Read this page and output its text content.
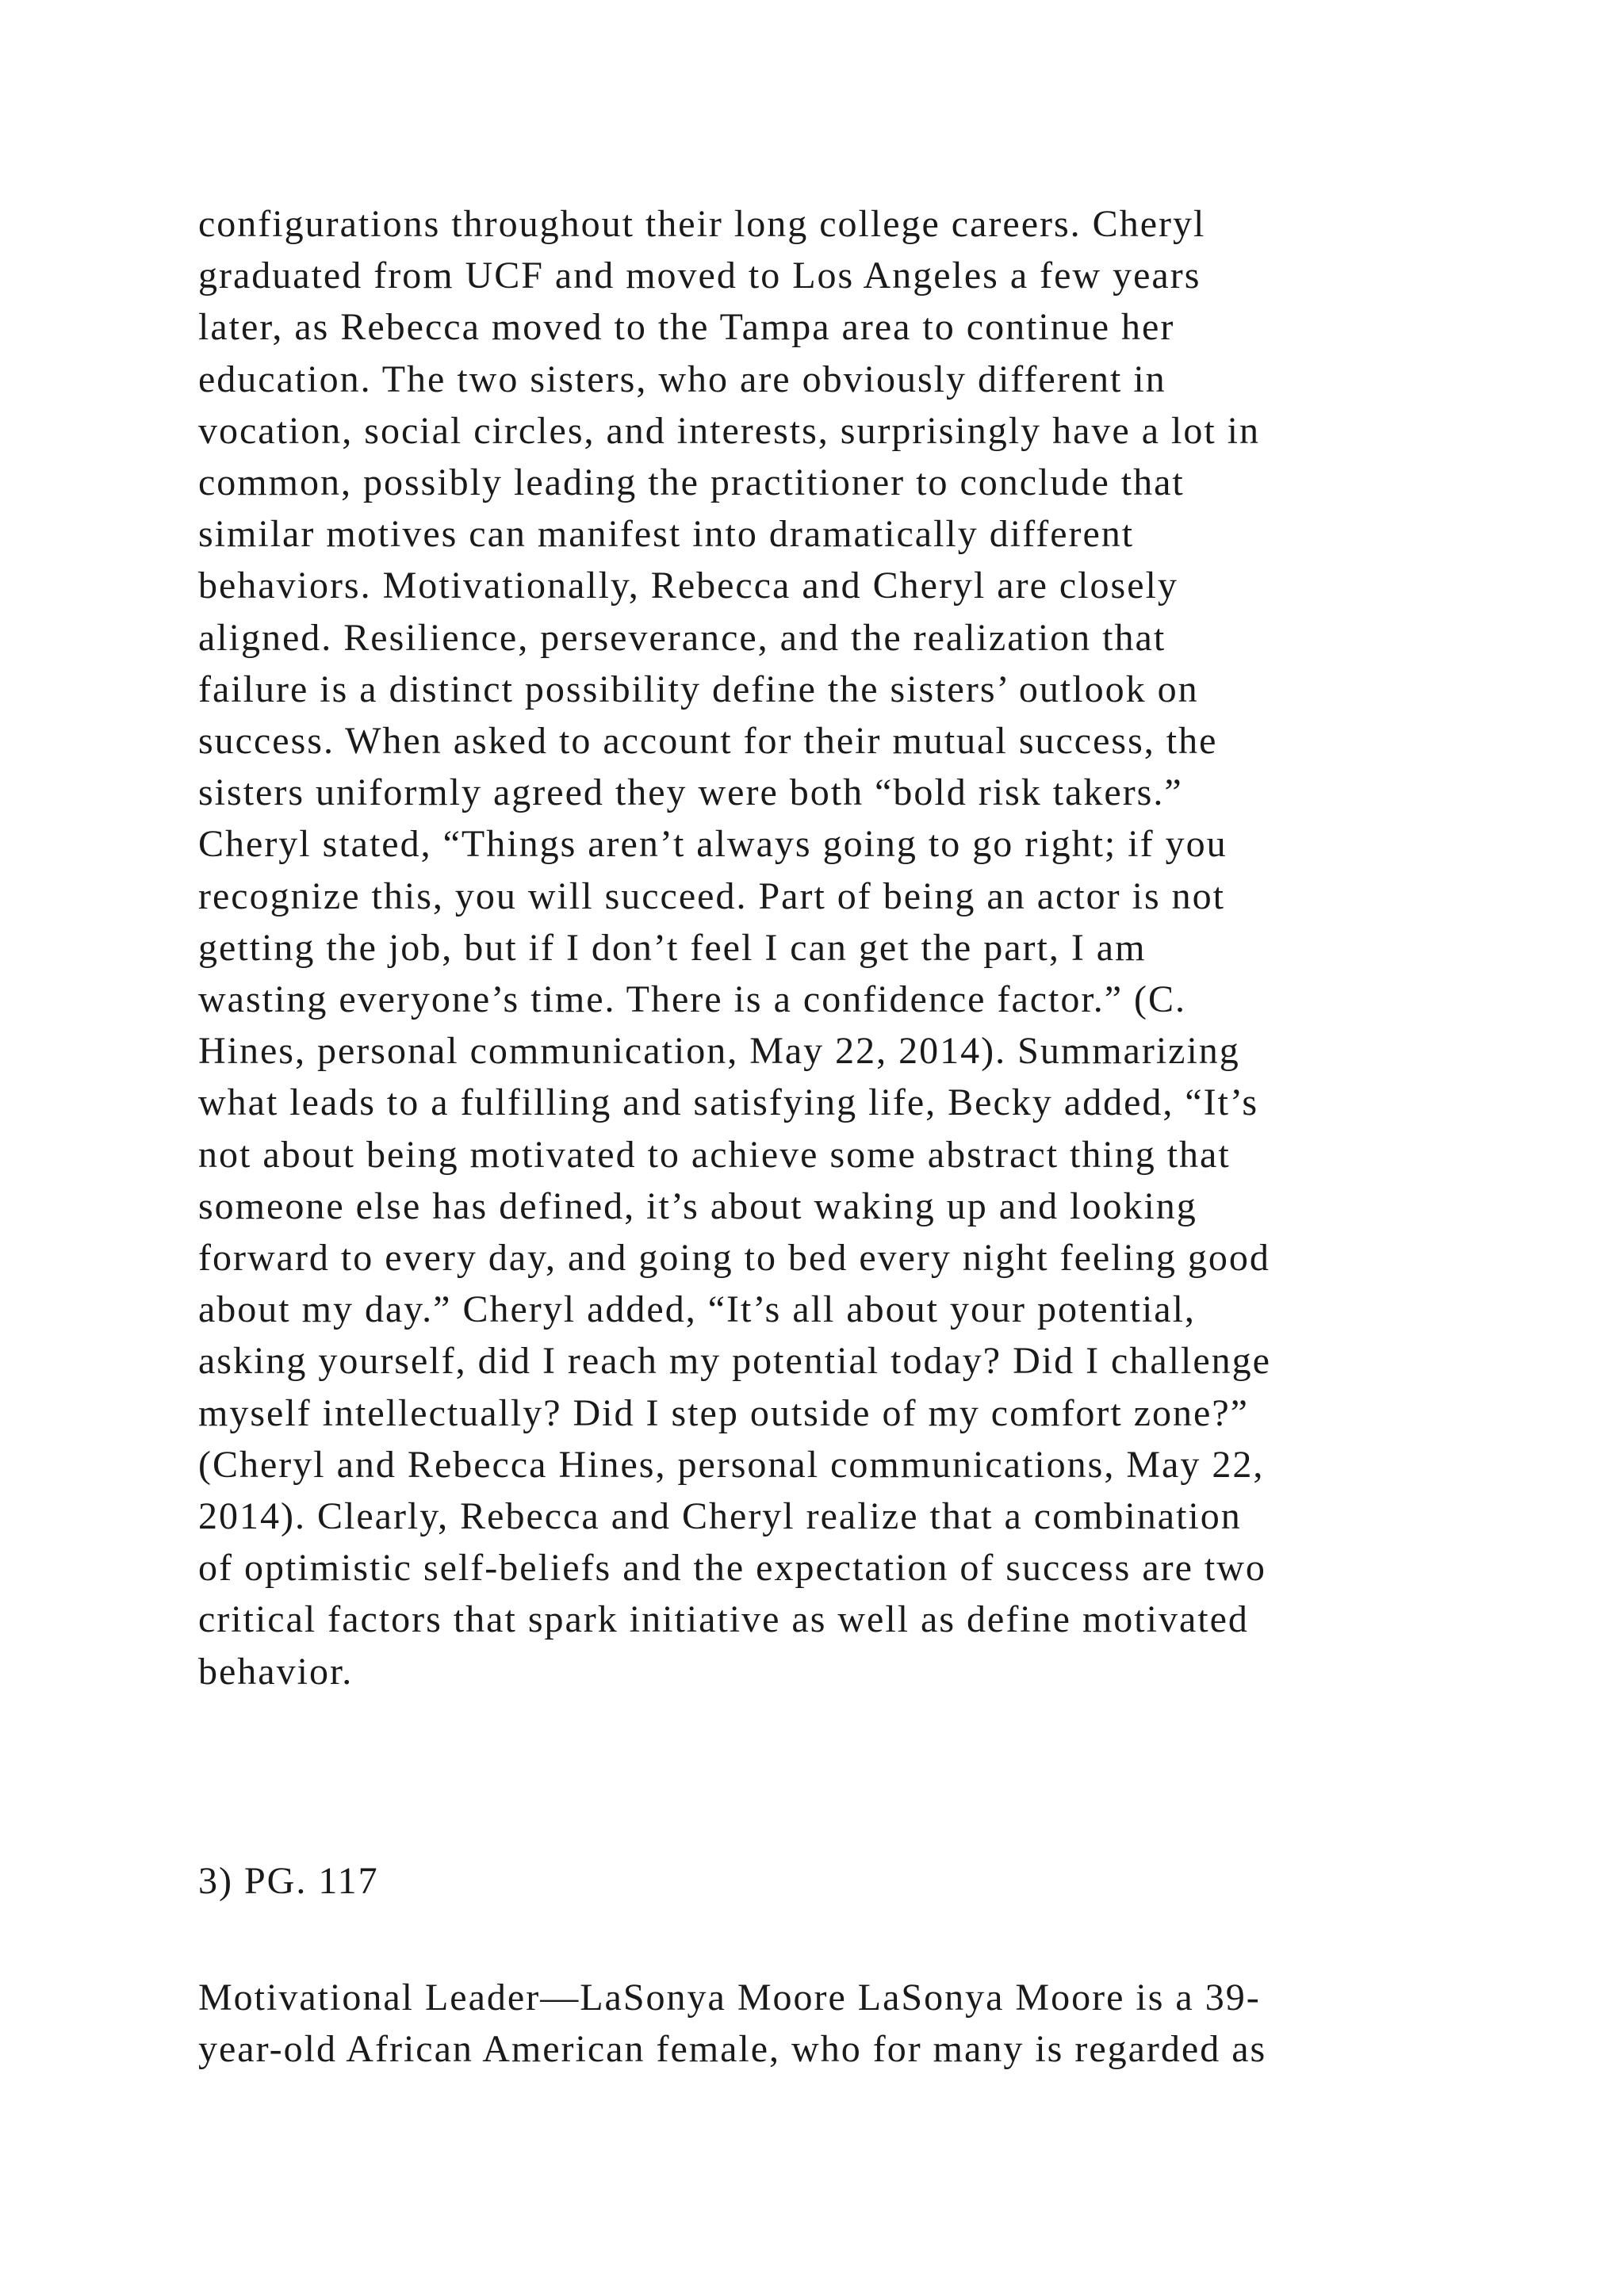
configurations throughout their long college careers. Cheryl
graduated from UCF and moved to Los Angeles a few years
later, as Rebecca moved to the Tampa area to continue her
education. The two sisters, who are obviously different in
vocation, social circles, and interests, surprisingly have a lot in
common, possibly leading the practitioner to conclude that
similar motives can manifest into dramatically different
behaviors. Motivationally, Rebecca and Cheryl are closely
aligned. Resilience, perseverance, and the realization that
failure is a distinct possibility define the sisters’ outlook on
success. When asked to account for their mutual success, the
sisters uniformly agreed they were both “bold risk takers.”
Cheryl stated, “Things aren’t always going to go right; if you
recognize this, you will succeed. Part of being an actor is not
getting the job, but if I don’t feel I can get the part, I am
wasting everyone’s time. There is a confidence factor.” (C.
Hines, personal communication, May 22, 2014). Summarizing
what leads to a fulfilling and satisfying life, Becky added, “It’s
not about being motivated to achieve some abstract thing that
someone else has defined, it’s about waking up and looking
forward to every day, and going to bed every night feeling good
about my day.” Cheryl added, “It’s all about your potential,
asking yourself, did I reach my potential today? Did I challenge
myself intellectually? Did I step outside of my comfort zone?”
(Cheryl and Rebecca Hines, personal communications, May 22,
2014). Clearly, Rebecca and Cheryl realize that a combination
of optimistic self-beliefs and the expectation of success are two
critical factors that spark initiative as well as define motivated
behavior.
3) PG. 117
Motivational Leader—LaSonya Moore LaSonya Moore is a 39-
year-old African American female, who for many is regarded as
